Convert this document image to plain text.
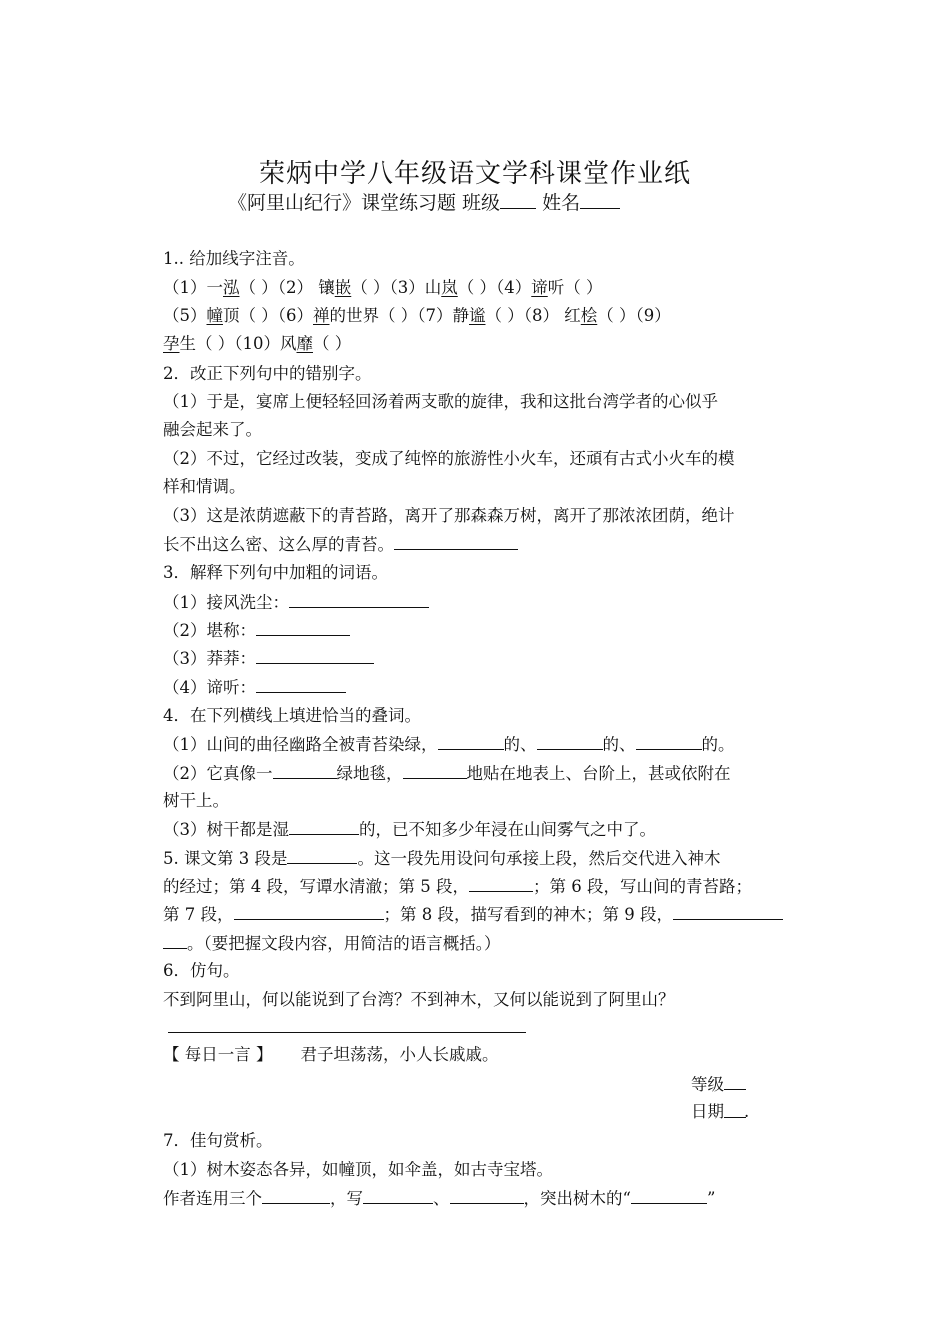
荣炳中学八年级语文学科课堂作业纸
《阿里山纪行》课堂练习题 班级 姓名
1.. 给加线字注音。
（1）一泓（ ）（2） 镶嵌（ ）（3）山岚（ ）（4）谛听（ ）
（5）幢顶（ ）（6）禅的世界（ ）（7）静谧（ ）（8） 红桧（ ）（9）
孕生（ ）（10）风靡（ ）
2．改正下列句中的错别字。
（1）于是，宴席上便轻轻回汤着两支歌的旋律，我和这批台湾学者的心似乎
融会起来了。
（2）不过，它经过改装，变成了纯悴的旅游性小火车，还頑有古式小火车的模
样和情调。
（3）这是浓荫遮蔽下的青苔路，离开了那森森万树，离开了那浓浓团荫，绝计
长不出这么密、这么厚的青苔。
3．解释下列句中加粗的词语。
（1）接风洗尘：
（2）堪称：
（3）莽莽：
（4）谛听：
4．在下列横线上填进恰当的叠词。
（1）山间的曲径幽路全被青苔染绿，	的、	的、	的。
（2）它真像一	绿地毯，	地贴在地表上、台阶上，甚或依附在
树干上。
（3）树干都是湿	的，已不知多少年浸在山间雾气之中了。
5. 课文第 3 段是	。这一段先用设问句承接上段，然后交代进入神木
的经过；第 4 段，写谭水清澈；第 5 段，	；第 6 段，写山间的青苔路；
第 7 段，	；第 8 段，描写看到的神木；第 9 段，
。（要把握文段内容，用简洁的语言概括。）
6．仿句。
不到阿里山，何以能说到了台湾？不到神木，又何以能说到了阿里山？
【 每日一言 】 君子坦荡荡，小人长戚戚。
等级
日期 .
7．佳句赏析。
（1）树木姿态各异，如幢顶，如伞盖，如古寺宝塔。
作者连用三个	，写	、	，突出树木的“	”
